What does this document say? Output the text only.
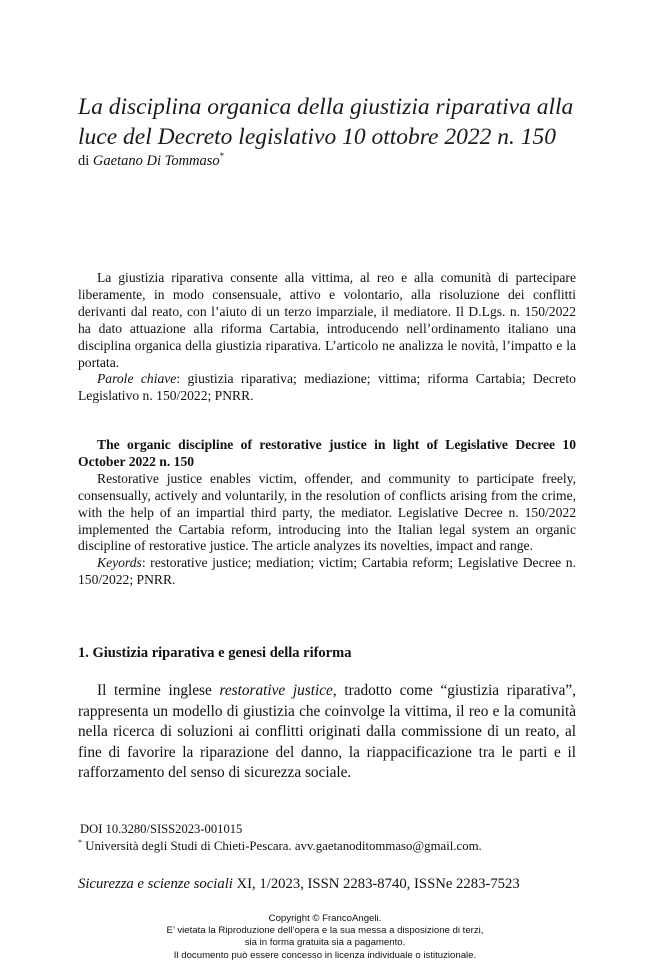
La disciplina organica della giustizia riparativa alla
luce del Decreto legislativo 10 ottobre 2022 n. 150
di Gaetano Di Tommaso*

La giustizia riparativa consente alla vittima, al reo e alla comunità di partecipare liberamente, in modo consensuale, attivo e volontario, alla risoluzione dei conflitti derivanti dal reato, con l’aiuto di un terzo imparziale, il mediatore. Il D.Lgs. n. 150/2022 ha dato attuazione alla riforma Cartabia, introducendo nell’ordinamento italiano una disciplina organica della giustizia riparativa. L’articolo ne analizza le novità, l’impatto e la portata.

Parole chiave: giustizia riparativa; mediazione; vittima; riforma Cartabia; Decreto Legislativo n. 150/2022; PNRR.

The organic discipline of restorative justice in light of Legislative Decree 10 October 2022 n. 150

Restorative justice enables victim, offender, and community to participate freely, consensually, actively and voluntarily, in the resolution of conflicts arising from the crime, with the help of an impartial third party, the mediator. Legislative Decree n. 150/2022 implemented the Cartabia reform, introducing into the Italian legal system an organic discipline of restorative justice. The article analyzes its novelties, impact and range.

Keyords: restorative justice; mediation; victim; Cartabia reform; Legislative Decree n. 150/2022; PNRR.

1. Giustizia riparativa e genesi della riforma

Il termine inglese restorative justice, tradotto come “giustizia riparativa”, rappresenta un modello di giustizia che coinvolge la vittima, il reo e la comunità nella ricerca di soluzioni ai conflitti originati dalla commissione di un reato, al fine di favorire la riparazione del danno, la riappacificazione tra le parti e il rafforzamento del senso di sicurezza sociale.

DOI 10.3280/SISS2023-001015
* Università degli Studi di Chieti-Pescara. avv.gaetanoditommaso@gmail.com.
Sicurezza e scienze sociali XI, 1/2023, ISSN 2283-8740, ISSNe 2283-7523
Copyright © FrancoAngeli.
E’ vietata la Riproduzione dell’opera e la sua messa a disposizione di terzi,
sia in forma gratuita sia a pagamento.
Il documento può essere concesso in licenza individuale o istituzionale.
